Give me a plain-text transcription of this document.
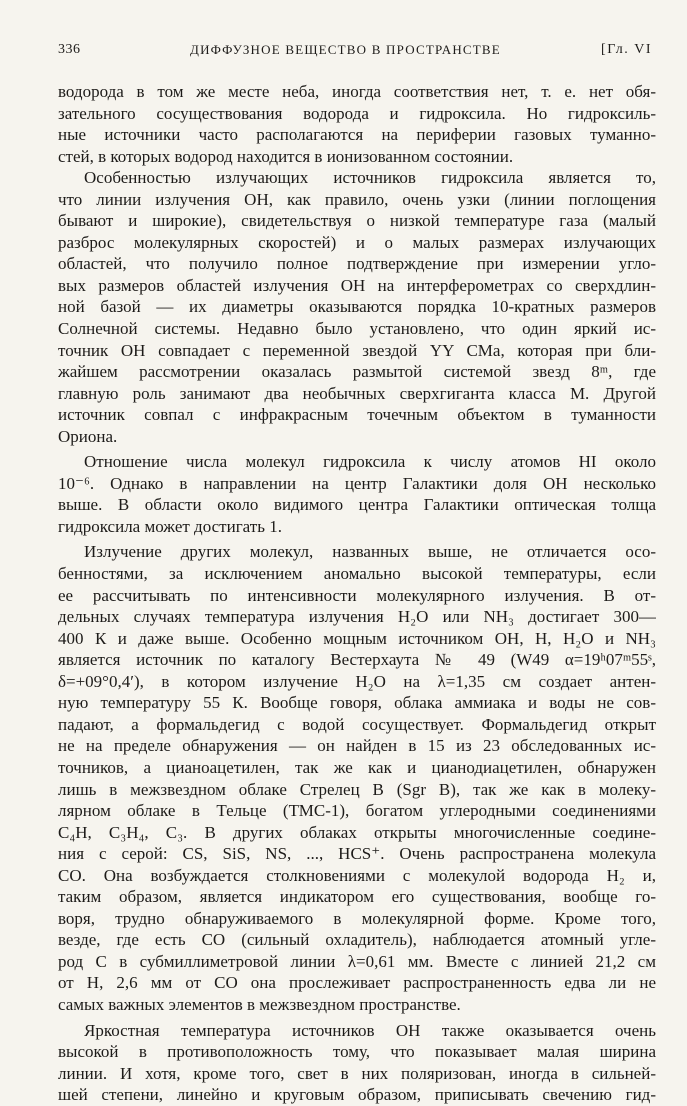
336	ДИФФУЗНОЕ ВЕЩЕСТВО В ПРОСТРАНСТВЕ	[Гл. VI
водорода в том же месте неба, иногда соответствия нет, т. е. нет обя-
зательного сосуществования водорода и гидроксила. Но гидроксиль-
ные источники часто располагаются на периферии газовых туманно-
стей, в которых водород находится в ионизованном состоянии.
Особенностью излучающих источников гидроксила является то,
что линии излучения ОН, как правило, очень узки (линии поглощения
бывают и широкие), свидетельствуя о низкой температуре газа (малый
разброс молекулярных скоростей) и о малых размерах излучающих
областей, что получило полное подтверждение при измерении угло-
вых размеров областей излучения ОН на интерферометрах со сверхдлин-
ной базой — их диаметры оказываются порядка 10-кратных размеров
Солнечной системы. Недавно было установлено, что один яркий ис-
точник ОН совпадает с переменной звездой YY CMa, которая при бли-
жайшем рассмотрении оказалась размытой системой звезд 8ᵐ, где
главную роль занимают два необычных сверхгиганта класса М. Другой
источник совпал с инфракрасным точечным объектом в туманности
Ориона.
Отношение числа молекул гидроксила к числу атомов HI около
10⁻⁶. Однако в направлении на центр Галактики доля ОН несколько
выше. В области около видимого центра Галактики оптическая толща
гидроксила может достигать 1.
Излучение других молекул, названных выше, не отличается осо-
бенностями, за исключением аномально высокой температуры, если
ее рассчитывать по интенсивности молекулярного излучения. В от-
дельных случаях температура излучения H₂O или NH₃ достигает 300—
400 К и даже выше. Особенно мощным источником ОН, Н, H₂O и NH₃
является источник по каталогу Вестерхаута № 49 (W49 α=19ʰ07ᵐ55ˢ,
δ=+09°0,4′), в котором излучение H₂O на λ=1,35 см создает антен-
ную температуру 55 К. Вообще говоря, облака аммиака и воды не сов-
падают, а формальдегид с водой сосуществует. Формальдегид открыт
не на пределе обнаружения — он найден в 15 из 23 обследованных ис-
точников, а цианоацетилен, так же как и цианодиацетилен, обнаружен
лишь в межзвездном облаке Стрелец В (Sgr B), так же как в молеку-
лярном облаке в Тельце (ТМС-1), богатом углеродными соединениями
C₄H, C₃H₄, C₃. В других облаках открыты многочисленные соедине-
ния с серой: CS, SiS, NS, ..., HCS⁺. Очень распространена молекула
CO. Она возбуждается столкновениями с молекулой водорода H₂ и,
таким образом, является индикатором его существования, вообще го-
воря, трудно обнаруживаемого в молекулярной форме. Кроме того,
везде, где есть CO (сильный охладитель), наблюдается атомный угле-
род С в субмиллиметровой линии λ=0,61 мм. Вместе с линией 21,2 см
от Н, 2,6 мм от CO она прослеживает распространенность едва ли не
самых важных элементов в межзвездном пространстве.
Яркостная температура источников ОН также оказывается очень
высокой в противоположность тому, что показывает малая ширина
линии. И хотя, кроме того, свет в них поляризован, иногда в сильней-
шей степени, линейно и круговым образом, приписывать свечению гид-
